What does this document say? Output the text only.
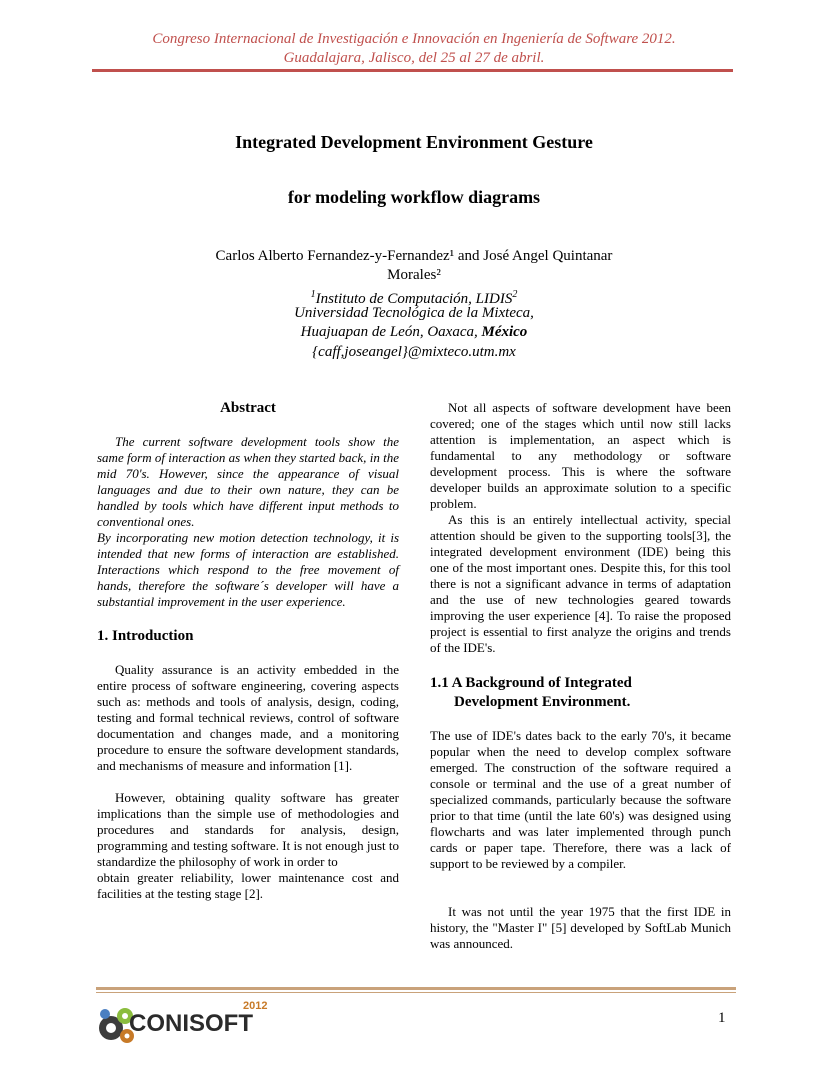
Congreso Internacional de Investigación e Innovación en Ingeniería de Software 2012.
Guadalajara, Jalisco, del 25 al 27 de abril.
Integrated Development Environment Gesture
for modeling workflow diagrams
Carlos Alberto Fernandez-y-Fernandez¹ and José Angel Quintanar
Morales²
$^1$Instituto de Computación, LIDIS$^2$
Universidad Tecnológica de la Mixteca,
Huajuapan de León, Oaxaca, México
{caff,joseangel}@mixteco.utm.mx
Abstract

The current software development tools show the same form of interaction as when they started back, in the mid 70's. However, since the appearance of visual languages and due to their own nature, they can be handled by tools which have different input methods to conventional ones.

By incorporating new motion detection technology, it is intended that new forms of interaction are established. Interactions which respond to the free movement of hands, therefore the software´s developer will have a substantial improvement in the user experience.

1. Introduction

Quality assurance is an activity embedded in the entire process of software engineering, covering aspects such as: methods and tools of analysis, design, coding, testing and formal technical reviews, control of software documentation and changes made, and a monitoring procedure to ensure the software development standards, and mechanisms of measure and information [1].

However, obtaining quality software has greater implications than the simple use of methodologies and procedures and standards for analysis, design, programming and testing software. It is not enough just to standardize the philosophy of work in order to

obtain greater reliability, lower maintenance cost and facilities at the testing stage [2].

Not all aspects of software development have been covered; one of the stages which until now still lacks attention is implementation, an aspect which is fundamental to any methodology or software development process. This is where the software developer builds an approximate solution to a specific problem.

As this is an entirely intellectual activity, special attention should be given to the supporting tools[3], the integrated development environment (IDE) being this one of the most important ones. Despite this, for this tool there is not a significant advance in terms of adaptation and the use of new technologies geared towards improving the user experience [4]. To raise the proposed project is essential to first analyze the origins and trends of the IDE's.

1.1 A Background of Integrated
Development Environment.

The use of IDE's dates back to the early 70's, it became popular when the need to develop complex software emerged. The construction of the software required a console or terminal and the use of a great number of specialized commands, particularly because the software prior to that time (until the late 60's) was designed using flowcharts and was later implemented through punch cards or paper tape. Therefore, there was a lack of support to be reviewed by a compiler.

It was not until the year 1975 that the first IDE in history, the "Master I" [5] developed by SoftLab Munich was announced.

2012
CONISOFT	1
